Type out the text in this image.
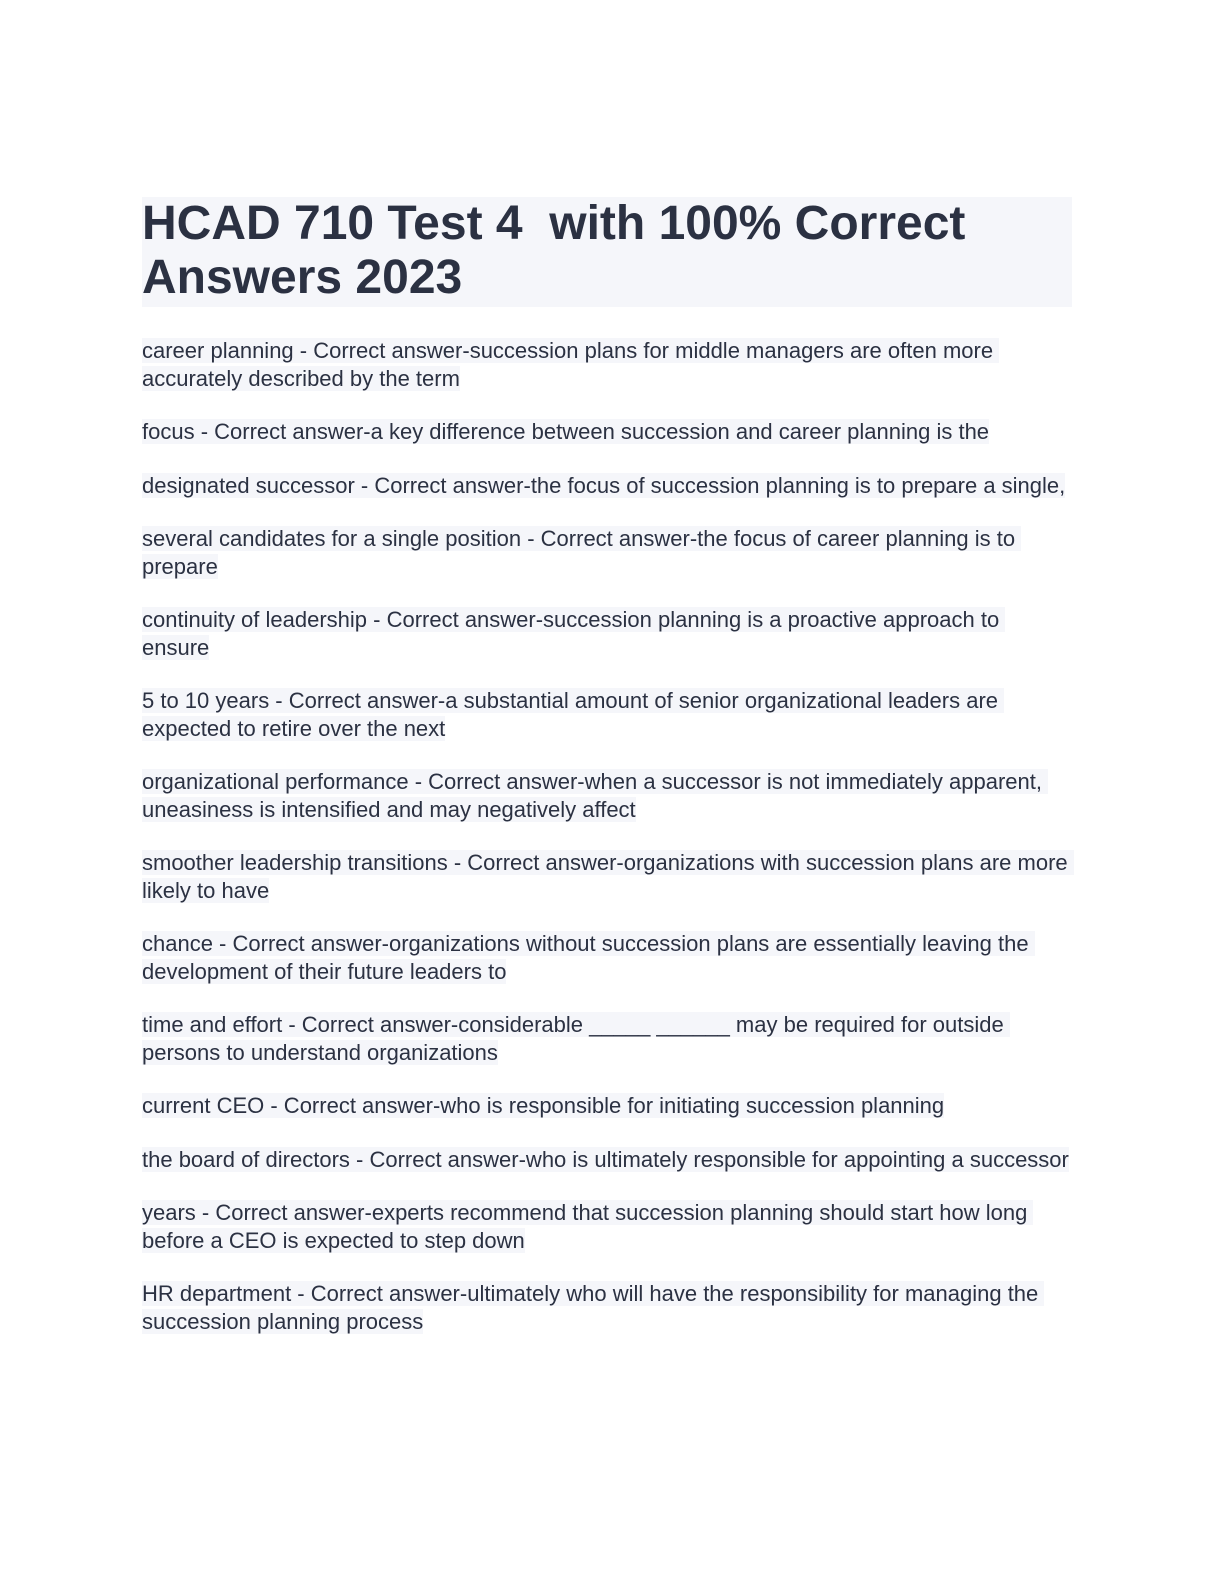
HCAD 710 Test 4  with 100% Correct Answers 2023

career planning - Correct answer-succession plans for middle managers are often more accurately described by the term

focus - Correct answer-a key difference between succession and career planning is the

designated successor - Correct answer-the focus of succession planning is to prepare a single,

several candidates for a single position - Correct answer-the focus of career planning is to prepare

continuity of leadership - Correct answer-succession planning is a proactive approach to ensure

5 to 10 years - Correct answer-a substantial amount of senior organizational leaders are expected to retire over the next

organizational performance - Correct answer-when a successor is not immediately apparent, uneasiness is intensified and may negatively affect

smoother leadership transitions - Correct answer-organizations with succession plans are more likely to have

chance - Correct answer-organizations without succession plans are essentially leaving the development of their future leaders to

time and effort - Correct answer-considerable _____ ______ may be required for outside persons to understand organizations

current CEO - Correct answer-who is responsible for initiating succession planning

the board of directors - Correct answer-who is ultimately responsible for appointing a successor

years - Correct answer-experts recommend that succession planning should start how long before a CEO is expected to step down

HR department - Correct answer-ultimately who will have the responsibility for managing the succession planning process
